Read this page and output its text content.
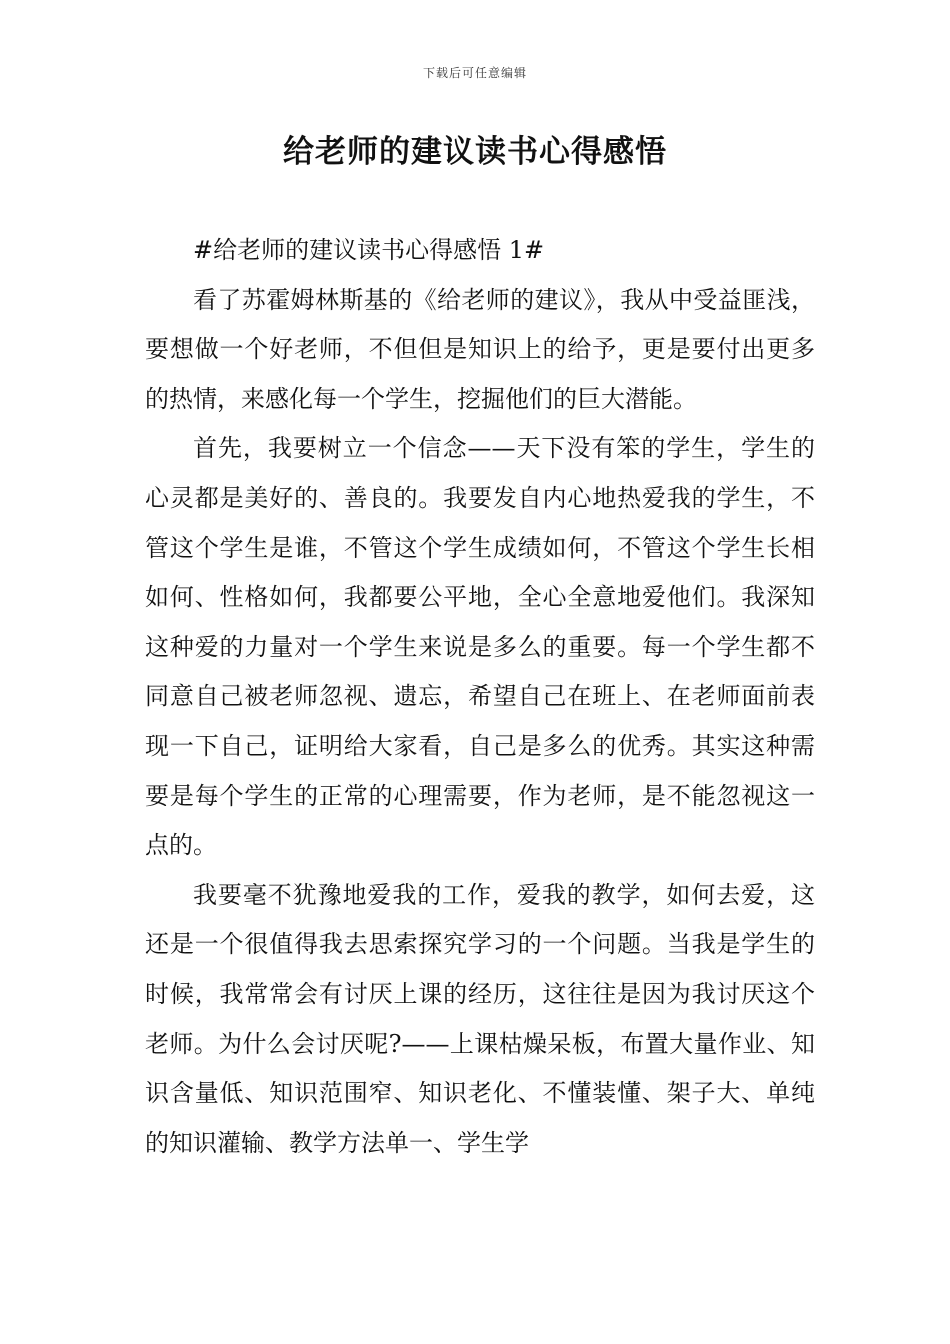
下载后可任意编辑
给老师的建议读书心得感悟

#给老师的建议读书心得感悟 1#

看了苏霍姆林斯基的《给老师的建议》，我从中受益匪浅，要想做一个好老师，不但但是知识上的给予，更是要付出更多的热情，来感化每一个学生，挖掘他们的巨大潜能。

首先，我要树立一个信念——天下没有笨的学生，学生的心灵都是美好的、善良的。我要发自内心地热爱我的学生，不管这个学生是谁，不管这个学生成绩如何，不管这个学生长相如何、性格如何，我都要公平地，全心全意地爱他们。我深知这种爱的力量对一个学生来说是多么的重要。每一个学生都不同意自己被老师忽视、遗忘，希望自己在班上、在老师面前表现一下自己，证明给大家看，自己是多么的优秀。其实这种需要是每个学生的正常的心理需要，作为老师，是不能忽视这一点的。

我要毫不犹豫地爱我的工作，爱我的教学，如何去爱，这还是一个很值得我去思索探究学习的一个问题。当我是学生的时候，我常常会有讨厌上课的经历，这往往是因为我讨厌这个老师。为什么会讨厌呢?——上课枯燥呆板，布置大量作业、知识含量低、知识范围窄、知识老化、不懂装懂、架子大、单纯的知识灌输、教学方法单一、学生学
